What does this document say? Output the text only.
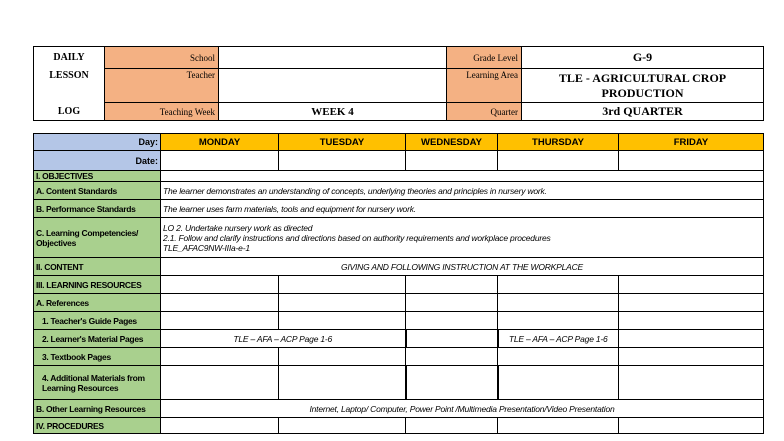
DAILY	School		Grade Level	G-9
LESSON	Teacher		Learning Area	TLE - AGRICULTURAL CROP PRODUCTION
LOG	Teaching Week	WEEK 4	Quarter	3rd QUARTER
Day:	MONDAY	TUESDAY	WEDNESDAY	THURSDAY	FRIDAY
Date:					
I. OBJECTIVES					
A. Content Standards	The learner demonstrates an understanding of concepts, underlying theories and principles in nursery work.				
B. Performance Standards	The learner uses farm materials, tools and equipment for nursery work.				
C. Learning Competencies/ Objectives	LO 2. Undertake nursery work as directed
2.1. Follow and clarify instructions and directions based on authority requirements and workplace procedures
TLE_AFAC9NW-IIIa-e-1				

II. CONTENT	GIVING AND FOLLOWING INSTRUCTION AT THE WORKPLACE				
III. LEARNING RESOURCES					
A. References					
1. Teacher's Guide Pages					
2. Learner's Material Pages	TLE – AFA – ACP Page 1-6			TLE – AFA – ACP Page 1-6	
3. Textbook Pages					
4. Additional Materials from Learning Resources					
B. Other Learning Resources	Internet, Laptop/ Computer, Power Point /Multimedia Presentation/Video Presentation				
IV. PROCEDURES					
